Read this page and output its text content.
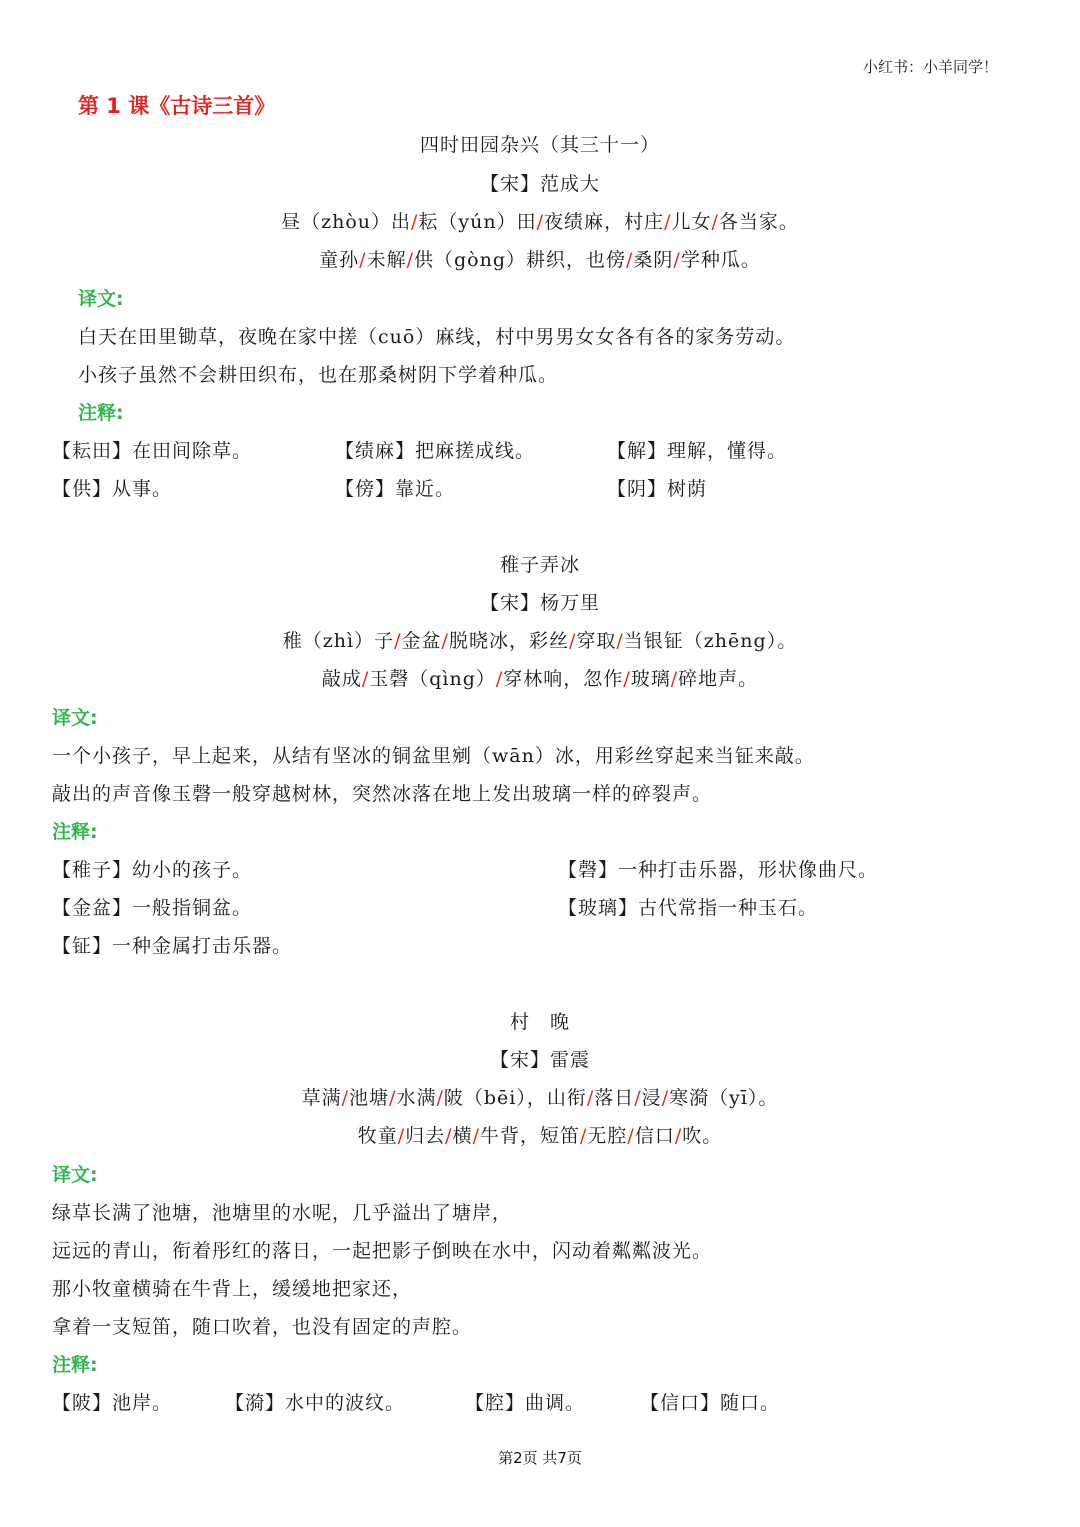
小红书：小羊同学！
第 1 课《古诗三首》
四时田园杂兴（其三十一）
【宋】范成大
昼（zhòu）出/耘（yún）田/夜绩麻，村庄/儿女/各当家。
童孙/未解/供（gòng）耕织，也傍/桑阴/学种瓜。
译文:
白天在田里锄草，夜晚在家中搓（cuō）麻线，村中男男女女各有各的家务劳动。
小孩子虽然不会耕田织布，也在那桑树阴下学着种瓜。
注释:
【耘田】在田间除草。	【绩麻】把麻搓成线。	【解】理解，懂得。
【供】从事。	【傍】靠近。	【阴】树荫
稚子弄冰
【宋】杨万里
稚（zhì）子/金盆/脱晓冰，彩丝/穿取/当银钲（zhēng）。
敲成/玉磬（qìng）/穿林响，忽作/玻璃/碎地声。
译文:
一个小孩子，早上起来，从结有坚冰的铜盆里剜（wān）冰，用彩丝穿起来当钲来敲。
敲出的声音像玉磬一般穿越树林，突然冰落在地上发出玻璃一样的碎裂声。
注释:
【稚子】幼小的孩子。	【磬】一种打击乐器，形状像曲尺。
【金盆】一般指铜盆。	【玻璃】古代常指一种玉石。
【钲】一种金属打击乐器。
村　晚
【宋】雷震
草满/池塘/水满/陂（bēi），山衔/落日/浸/寒漪（yī）。
牧童/归去/横/牛背，短笛/无腔/信口/吹。
译文:
绿草长满了池塘，池塘里的水呢，几乎溢出了塘岸，
远远的青山，衔着彤红的落日，一起把影子倒映在水中，闪动着粼粼波光。
那小牧童横骑在牛背上，缓缓地把家还，
拿着一支短笛，随口吹着，也没有固定的声腔。
注释:
【陂】池岸。	【漪】水中的波纹。	【腔】曲调。	【信口】随口。
第2页 共7页
